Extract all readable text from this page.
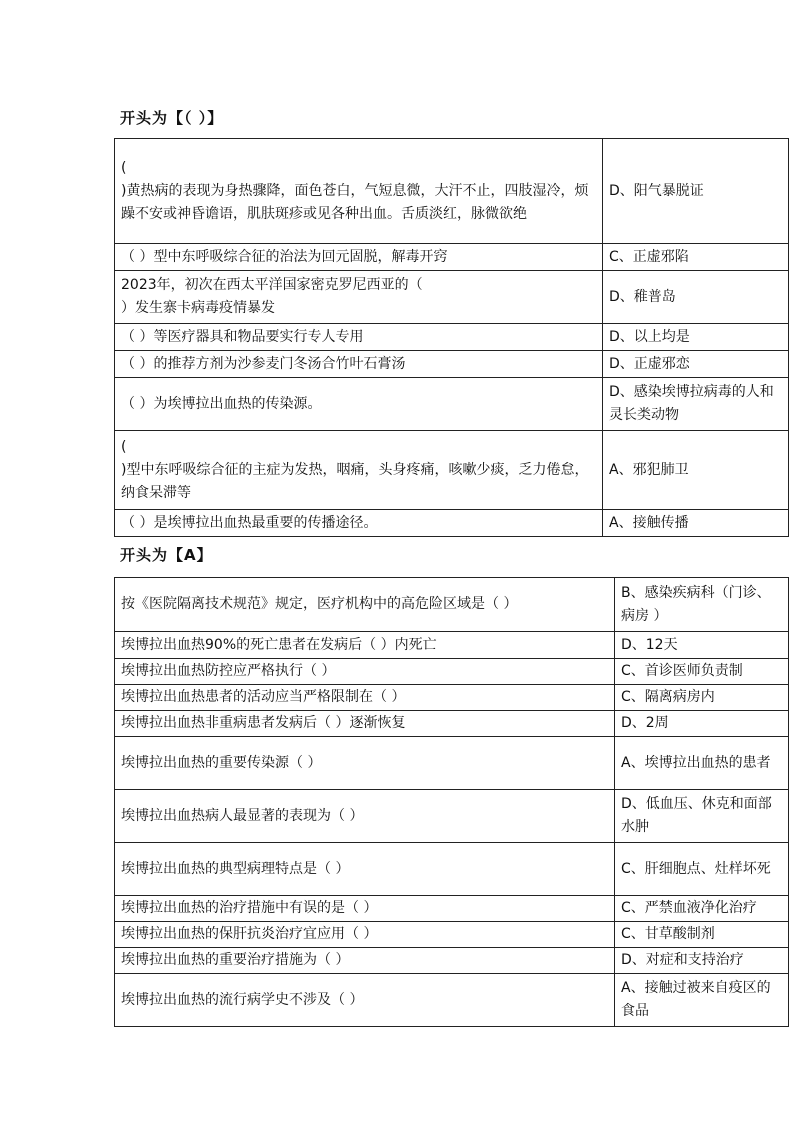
开头为【（ ）】
(
)黄热病的表现为身热骤降，面色苍白，气短息微，大汗不止，四肢湿冷，烦躁不安或神昏谵语，肌肤斑疹或见各种出血。舌质淡红，脉微欲绝	D、阳气暴脱证
（ ）型中东呼吸综合征的治法为回元固脱，解毒开窍	C、正虚邪陷
2023年，初次在西太平洋国家密克罗尼西亚的（
）发生寨卡病毒疫情暴发	D、稚普岛
（ ）等医疗器具和物品要实行专人专用	D、以上均是
（ ）的推荐方剂为沙参麦门冬汤合竹叶石膏汤	D、正虚邪恋
（ ）为埃博拉出血热的传染源。	D、感染埃博拉病毒的人和灵长类动物
(
)型中东呼吸综合征的主症为发热，咽痛，头身疼痛，咳嗽少痰，乏力倦怠，纳食呆滞等	A、邪犯肺卫
（ ）是埃博拉出血热最重要的传播途径。	A、接触传播
开头为【A】
按《医院隔离技术规范》规定，医疗机构中的高危险区域是（ ）	B、感染疾病科（门诊、病房 ）
埃博拉出血热90%的死亡患者在发病后（ ）内死亡	D、12天
埃博拉出血热防控应严格执行（ ）	C、首诊医师负责制
埃博拉出血热患者的活动应当严格限制在（ ）	C、隔离病房内
埃博拉出血热非重病患者发病后（ ）逐渐恢复	D、2周
埃博拉出血热的重要传染源（ ）	A、埃博拉出血热的患者
埃博拉出血热病人最显著的表现为（ ）	D、低血压、休克和面部水肿
埃博拉出血热的典型病理特点是（ ）	C、肝细胞点、灶样坏死
埃博拉出血热的治疗措施中有误的是（ ）	C、严禁血液净化治疗
埃博拉出血热的保肝抗炎治疗宜应用（ ）	C、甘草酸制剂
埃博拉出血热的重要治疗措施为（ ）	D、对症和支持治疗
埃博拉出血热的流行病学史不涉及（ ）	A、接触过被来自疫区的食品
